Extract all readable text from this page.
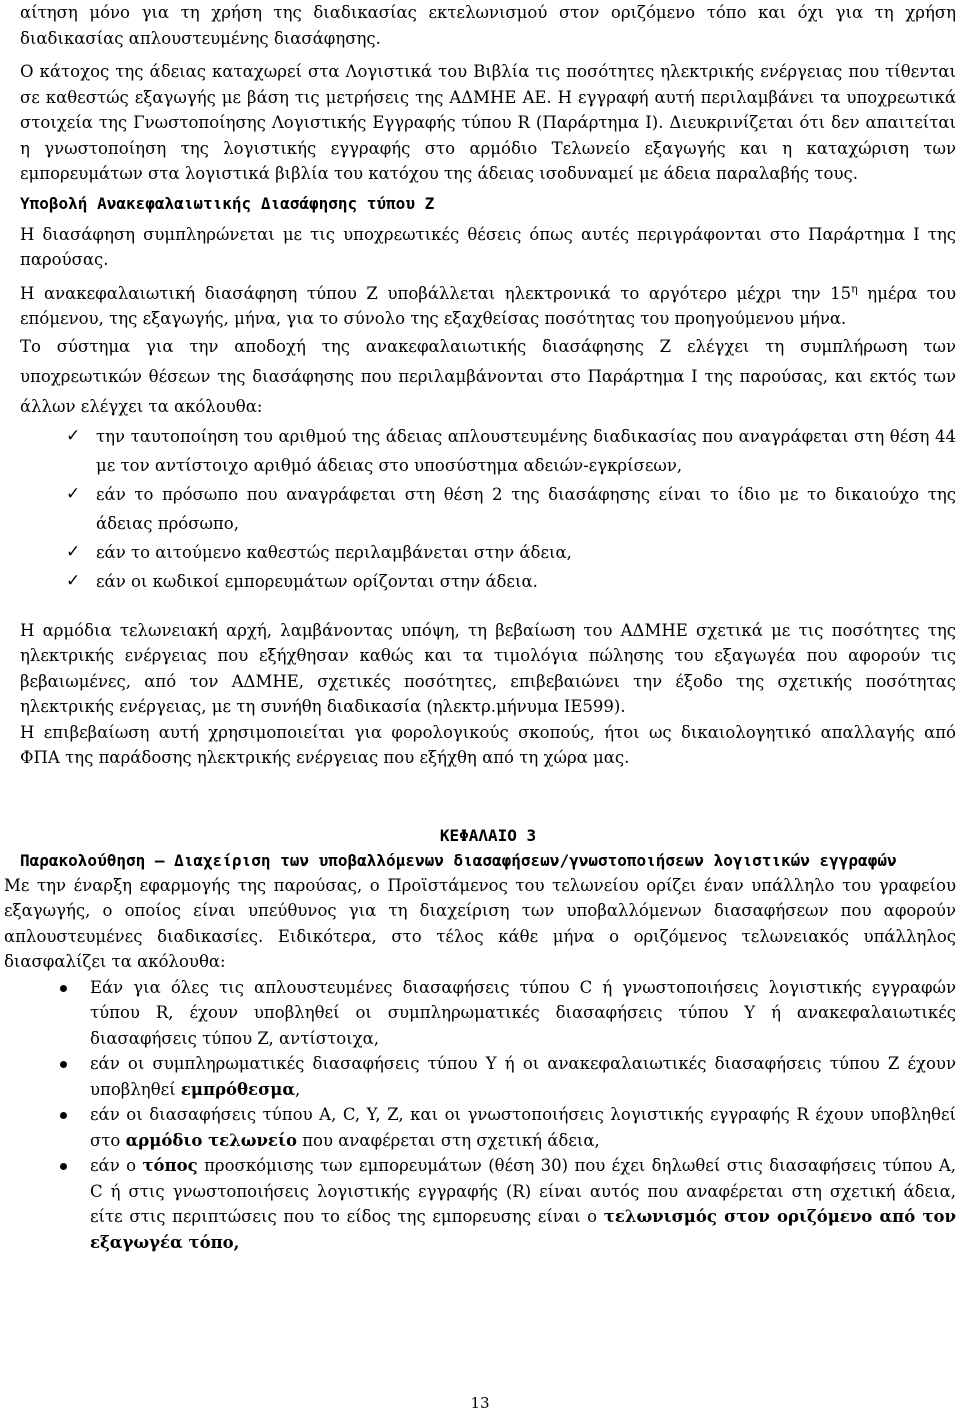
αίτηση μόνο για τη χρήση της διαδικασίας εκτελωνισμού στον οριζόμενο τόπο και όχι για τη χρήση διαδικασίας απλουστευμένης διασάφησης.

Ο κάτοχος της άδειας καταχωρεί στα Λογιστικά του Βιβλία τις ποσότητες ηλεκτρικής ενέργειας που τίθενται σε καθεστώς εξαγωγής με βάση τις μετρήσεις της ΑΔΜΗΕ ΑΕ. Η εγγραφή αυτή περιλαμβάνει τα υποχρεωτικά στοιχεία της Γνωστοποίησης Λογιστικής Εγγραφής τύπου R (Παράρτημα Ι). Διευκρινίζεται ότι δεν απαιτείται η γνωστοποίηση της λογιστικής εγγραφής στο αρμόδιο Τελωνείο εξαγωγής και η καταχώριση των εμπορευμάτων στα λογιστικά βιβλία του κατόχου της άδειας ισοδυναμεί με άδεια παραλαβής τους.

Υποβολή Ανακεφαλαιωτικής Διασάφησης τύπου Z

Η διασάφηση συμπληρώνεται με τις υποχρεωτικές θέσεις όπως αυτές περιγράφονται στο Παράρτημα Ι της παρούσας.

Η ανακεφαλαιωτική διασάφηση τύπου Ζ υποβάλλεται ηλεκτρονικά το αργότερο μέχρι την $15^\eta$ ημέρα του επόμενου, της εξαγωγής, μήνα, για το σύνολο της εξαχθείσας ποσότητας του προηγούμενου μήνα.

Το σύστημα για την αποδοχή της ανακεφαλαιωτικής διασάφησης Ζ ελέγχει τη συμπλήρωση των υποχρεωτικών θέσεων της διασάφησης που περιλαμβάνονται στο Παράρτημα Ι της παρούσας, και εκτός των άλλων ελέγχει τα ακόλουθα:

✓ την ταυτοποίηση του αριθμού της άδειας απλουστευμένης διαδικασίας που αναγράφεται στη θέση 44 με τον αντίστοιχο αριθμό άδειας στο υποσύστημα αδειών-εγκρίσεων,
✓ εάν το πρόσωπο που αναγράφεται στη θέση 2 της διασάφησης είναι το ίδιο με το δικαιούχο της άδειας πρόσωπο,
✓ εάν το αιτούμενο καθεστώς περιλαμβάνεται στην άδεια,
✓ εάν οι κωδικοί εμπορευμάτων ορίζονται στην άδεια.

Η αρμόδια τελωνειακή αρχή, λαμβάνοντας υπόψη, τη βεβαίωση του ΑΔΜΗΕ σχετικά με τις ποσότητες της ηλεκτρικής ενέργειας που εξήχθησαν καθώς και τα τιμολόγια πώλησης του εξαγωγέα που αφορούν τις βεβαιωμένες, από τον ΑΔΜΗΕ, σχετικές ποσότητες, επιβεβαιώνει την έξοδο της σχετικής ποσότητας ηλεκτρικής ενέργειας, με τη συνήθη διαδικασία (ηλεκτρ.μήνυμα ΙΕ599).

Η επιβεβαίωση αυτή χρησιμοποιείται για φορολογικούς σκοπούς, ήτοι ως δικαιολογητικό απαλλαγής από ΦΠΑ της παράδοσης ηλεκτρικής ενέργειας που εξήχθη από τη χώρα μας.

ΚΕΦΑΛΑΙΟ 3

Παρακολούθηση – Διαχείριση των υποβαλλόμενων διασαφήσεων/γνωστοποιήσεων λογιστικών εγγραφών

Με την έναρξη εφαρμογής της παρούσας, ο Προϊστάμενος του τελωνείου ορίζει έναν υπάλληλο του γραφείου εξαγωγής, ο οποίος είναι υπεύθυνος για τη διαχείριση των υποβαλλόμενων διασαφήσεων που αφορούν απλουστευμένες διαδικασίες. Ειδικότερα, στο τέλος κάθε μήνα ο οριζόμενος τελωνειακός υπάλληλος διασφαλίζει τα ακόλουθα:

Εάν για όλες τις απλουστευμένες διασαφήσεις τύπου C ή γνωστοποιήσεις λογιστικής εγγραφών τύπου R, έχουν υποβληθεί οι συμπληρωματικές διασαφήσεις τύπου Y ή ανακεφαλαιωτικές διασαφήσεις τύπου Z, αντίστοιχα,
εάν οι συμπληρωματικές διασαφήσεις τύπου Y ή οι ανακεφαλαιωτικές διασαφήσεις τύπου Z έχουν υποβληθεί εμπρόθεσμα,
εάν οι διασαφήσεις τύπου A, C, Y, Z, και οι γνωστοποιήσεις λογιστικής εγγραφής R έχουν υποβληθεί στο αρμόδιο τελωνείο που αναφέρεται στη σχετική άδεια,
εάν ο τόπος προσκόμισης των εμπορευμάτων (θέση 30) που έχει δηλωθεί στις διασαφήσεις τύπου A, C ή στις γνωστοποιήσεις λογιστικής εγγραφής (R) είναι αυτός που αναφέρεται στη σχετική άδεια, είτε στις περιπτώσεις που το είδος της εμπορευσης είναι ο τελωνισμός στον οριζόμενο από τον εξαγωγέα τόπο,
13
